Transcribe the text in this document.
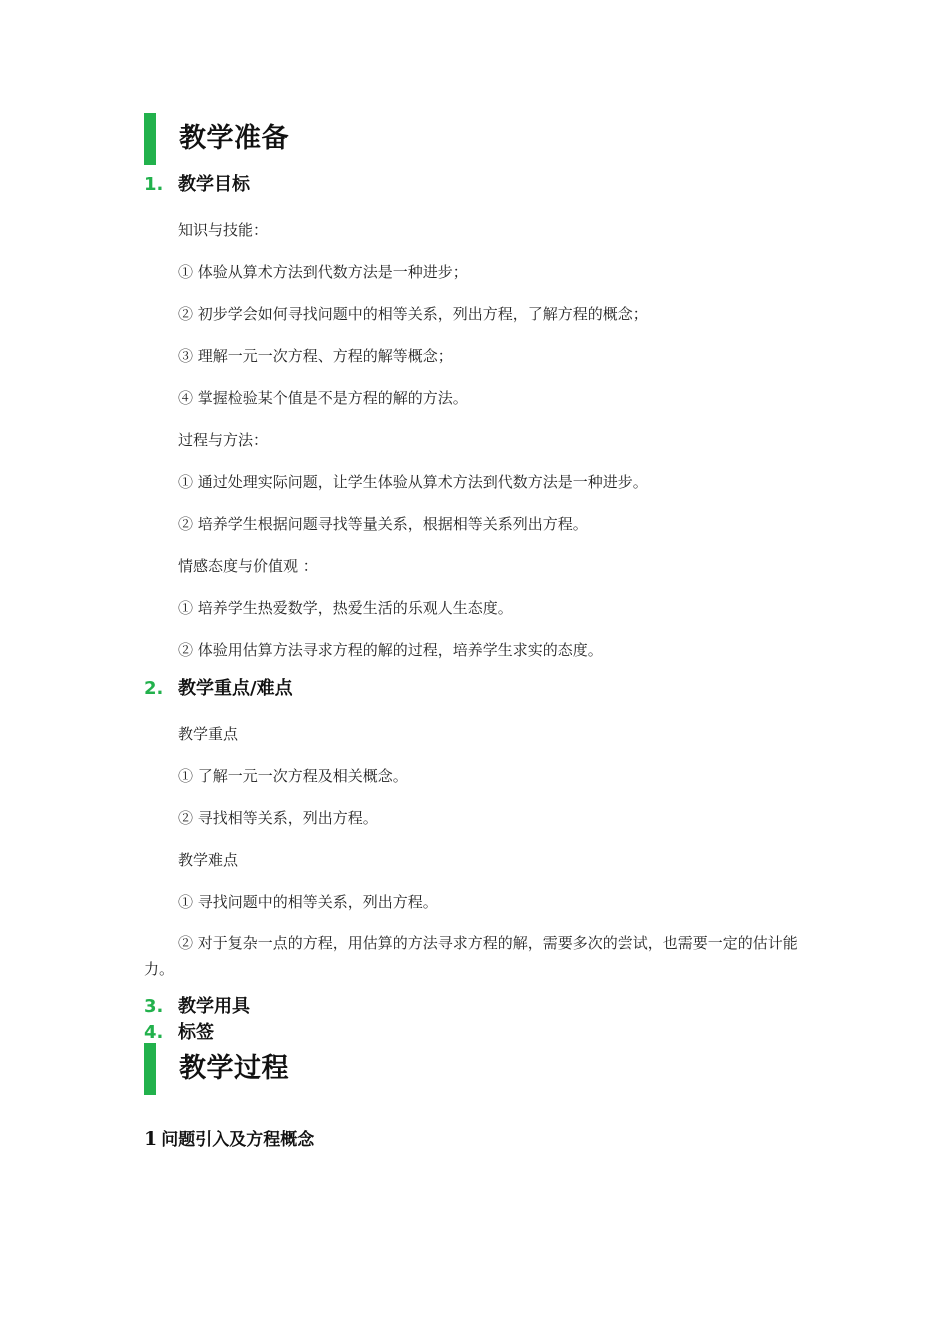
教学准备
1. 教学目标
知识与技能：
① 体验从算术方法到代数方法是一种进步；
② 初步学会如何寻找问题中的相等关系，列出方程，了解方程的概念；
③ 理解一元一次方程、方程的解等概念；
④ 掌握检验某个值是不是方程的解的方法。
过程与方法：
① 通过处理实际问题，让学生体验从算术方法到代数方法是一种进步。
② 培养学生根据问题寻找等量关系，根据相等关系列出方程。
情感态度与价值观 ：
① 培养学生热爱数学，热爱生活的乐观人生态度。
② 体验用估算方法寻求方程的解的过程，培养学生求实的态度。
2. 教学重点/难点
教学重点
① 了解一元一次方程及相关概念。
② 寻找相等关系，列出方程。
教学难点
① 寻找问题中的相等关系，列出方程。
② 对于复杂一点的方程，用估算的方法寻求方程的解，需要多次的尝试，也需要一定的估计能力。
3. 教学用具
4. 标签
教学过程
1 问题引入及方程概念
